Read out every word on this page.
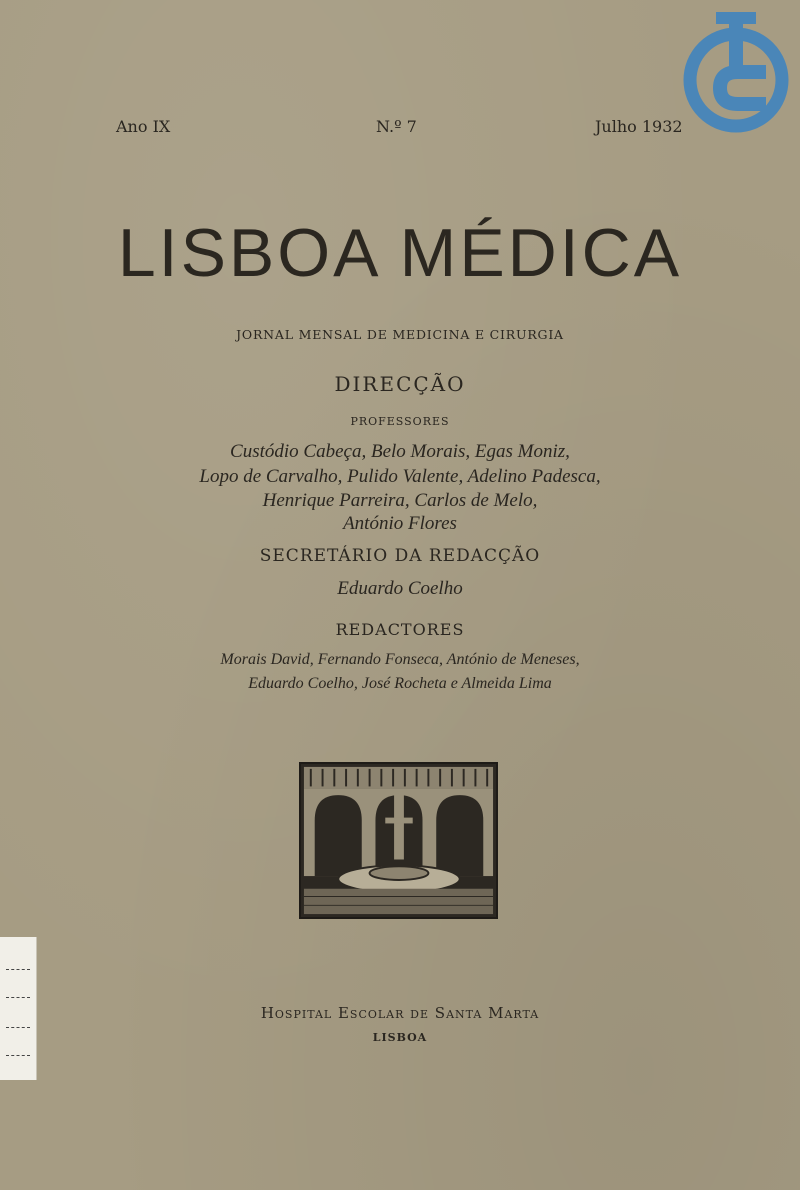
Ano IX	N.º 7	Julho 1932
LISBOA MÉDICA
JORNAL MENSAL DE MEDICINA E CIRURGIA
DIRECÇÃO
PROFESSORES
Custódio Cabeça, Belo Morais, Egas Moniz,
Lopo de Carvalho, Pulido Valente, Adelino Padesca,
Henrique Parreira, Carlos de Melo,
António Flores
SECRETÁRIO DA REDACÇÃO
Eduardo Coelho
REDACTORES
Morais David, Fernando Fonseca, António de Meneses,
Eduardo Coelho, José Rocheta e Almeida Lima
Hospital Escolar de Santa Marta
LISBOA
